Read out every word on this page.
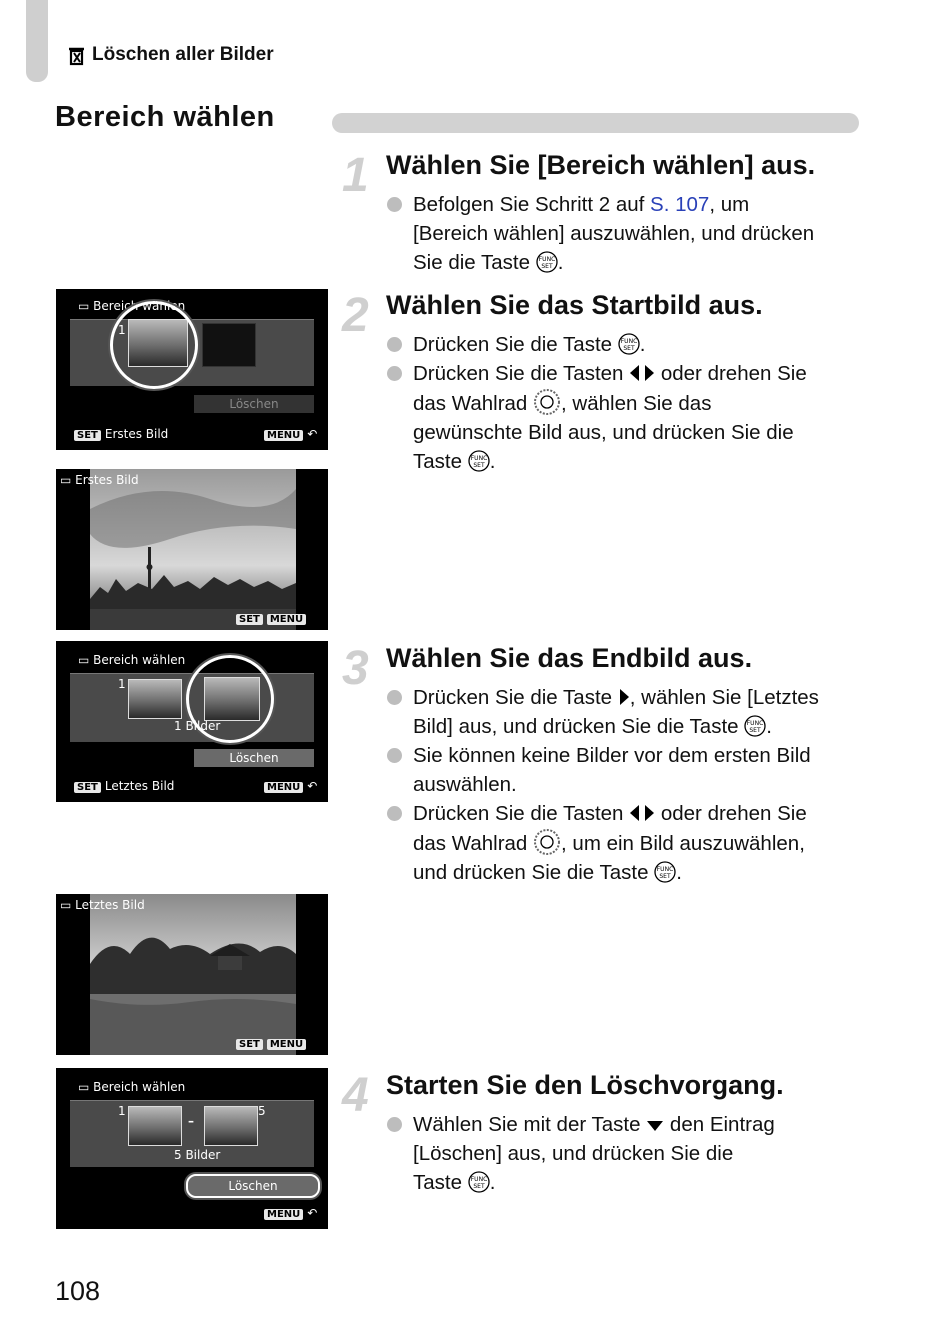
Löschen aller Bilder
Bereich wählen
1 Wählen Sie [Bereich wählen] aus.
Befolgen Sie Schritt 2 auf S. 107, um
[Bereich wählen] auszuwählen, und drücken
Sie die Taste FUNC
SET .
2 Wählen Sie das Startbild aus.
Drücken Sie die Taste FUNC
SET .
Drücken Sie die Tasten oder drehen Sie
das Wahlrad , wählen Sie das
gewünschte Bild aus, und drücken Sie die
Taste FUNC
SET .
3 Wählen Sie das Endbild aus.
Drücken Sie die Taste , wählen Sie [Letztes
Bild] aus, und drücken Sie die Taste FUNC
SET .
Sie können keine Bilder vor dem ersten Bild
auswählen.
Drücken Sie die Tasten oder drehen Sie
das Wahlrad , um ein Bild auszuwählen,
und drücken Sie die Taste FUNC
SET .
4 Starten Sie den Löschvorgang.
Wählen Sie mit der Taste den Eintrag
[Löschen] aus, und drücken Sie die
Taste FUNC
SET .
▭ Bereich wählen
1
Löschen
SET Erstes Bild	MENU ↶
▭ Erstes Bild
SET MENU
▭ Bereich wählen
1
1 Bilder
Löschen
SET Letztes Bild	MENU ↶
▭ Letztes Bild
SET MENU
▭ Bereich wählen
1
–
5
5 Bilder
Löschen
MENU ↶
108
